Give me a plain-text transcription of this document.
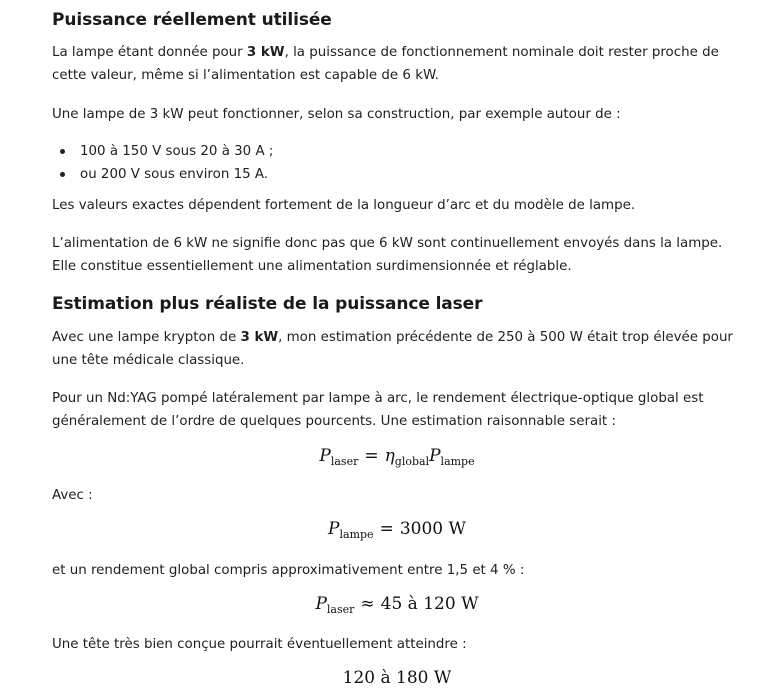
Puissance réellement utilisée
La lampe étant donnée pour 3 kW, la puissance de fonctionnement nominale doit rester proche de cette valeur, même si l’alimentation est capable de 6 kW.
Une lampe de 3 kW peut fonctionner, selon sa construction, par exemple autour de :
100 à 150 V sous 20 à 30 A ;
ou 200 V sous environ 15 A.
Les valeurs exactes dépendent fortement de la longueur d’arc et du modèle de lampe.
L’alimentation de 6 kW ne signifie donc pas que 6 kW sont continuellement envoyés dans la lampe. Elle constitue essentiellement une alimentation surdimensionnée et réglable.
Estimation plus réaliste de la puissance laser
Avec une lampe krypton de 3 kW, mon estimation précédente de 250 à 500 W était trop élevée pour une tête médicale classique.
Pour un Nd:YAG pompé latéralement par lampe à arc, le rendement électrique-optique global est généralement de l’ordre de quelques pourcents. Une estimation raisonnable serait :
$P_{laser} = \eta_{global}P_{lampe}$
Avec :
$P_{lampe} = 3000$ W
et un rendement global compris approximativement entre 1,5 et 4 % :
$P_{laser} \approx 45$ à 120 W
Une tête très bien conçue pourrait éventuellement atteindre :
120 à 180 W
